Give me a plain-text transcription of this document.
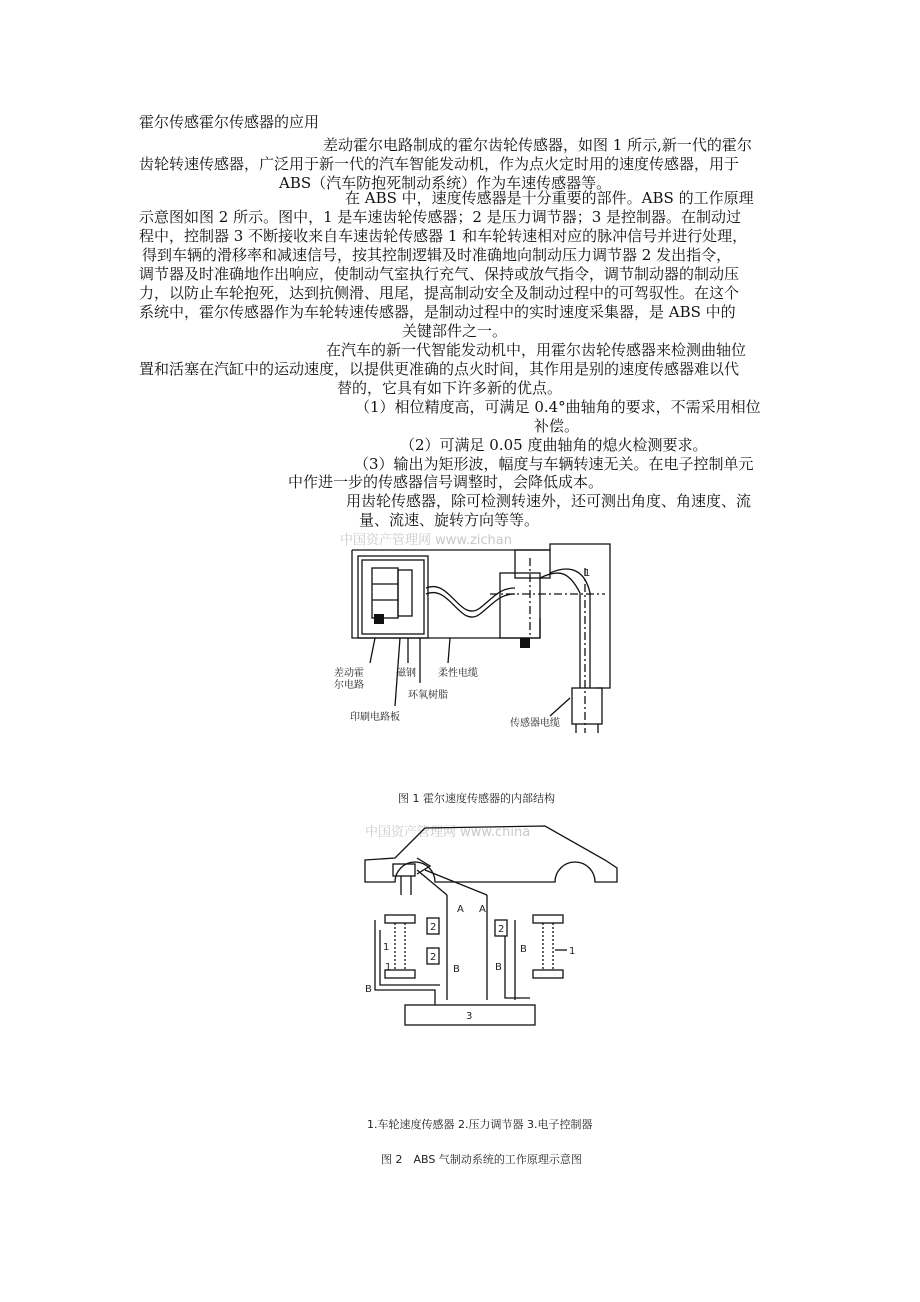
霍尔传感霍尔传感器的应用
差动霍尔电路制成的霍尔齿轮传感器，如图 1 所示,新一代的霍尔
齿轮转速传感器，广泛用于新一代的汽车智能发动机，作为点火定时用的速度传感器，用于
ABS（汽车防抱死制动系统）作为车速传感器等。
在 ABS 中，速度传感器是十分重要的部件。ABS 的工作原理
示意图如图 2 所示。图中，1 是车速齿轮传感器；2 是压力调节器；3 是控制器。在制动过
程中，控制器 3 不断接收来自车速齿轮传感器 1 和车轮转速相对应的脉冲信号并进行处理，
得到车辆的滑移率和减速信号，按其控制逻辑及时准确地向制动压力调节器 2 发出指令，
调节器及时准确地作出响应，使制动气室执行充气、保持或放气指令，调节制动器的制动压
力，以防止车轮抱死，达到抗侧滑、甩尾，提高制动安全及制动过程中的可驾驭性。在这个
系统中，霍尔传感器作为车轮转速传感器，是制动过程中的实时速度采集器，是 ABS 中的
关键部件之一。
在汽车的新一代智能发动机中，用霍尔齿轮传感器来检测曲轴位
置和活塞在汽缸中的运动速度，以提供更准确的点火时间，其作用是别的速度传感器难以代
替的，它具有如下许多新的优点。
（1）相位精度高，可满足 0.4°曲轴角的要求，不需采用相位
补偿。
（2）可满足 0.05 度曲轴角的熄火检测要求。
（3）输出为矩形波，幅度与车辆转速无关。在电子控制单元
中作进一步的传感器信号调整时，会降低成本。
用齿轮传感器，除可检测转速外，还可测出角度、角速度、流
量、流速、旋转方向等等。
中国资产管理网 www.zichan
差动霍
尔电路
磁钢 柔性电缆
环氧树脂
印刷电路板
传感器电缆
1
图 1 霍尔速度传感器的内部结构
中国资产管理网 www.china
A A
B
B	B
B
1
1
1
2
2
2
3
1.车轮速度传感器 2.压力调节器 3.电子控制器
图 2　ABS 气制动系统的工作原理示意图
